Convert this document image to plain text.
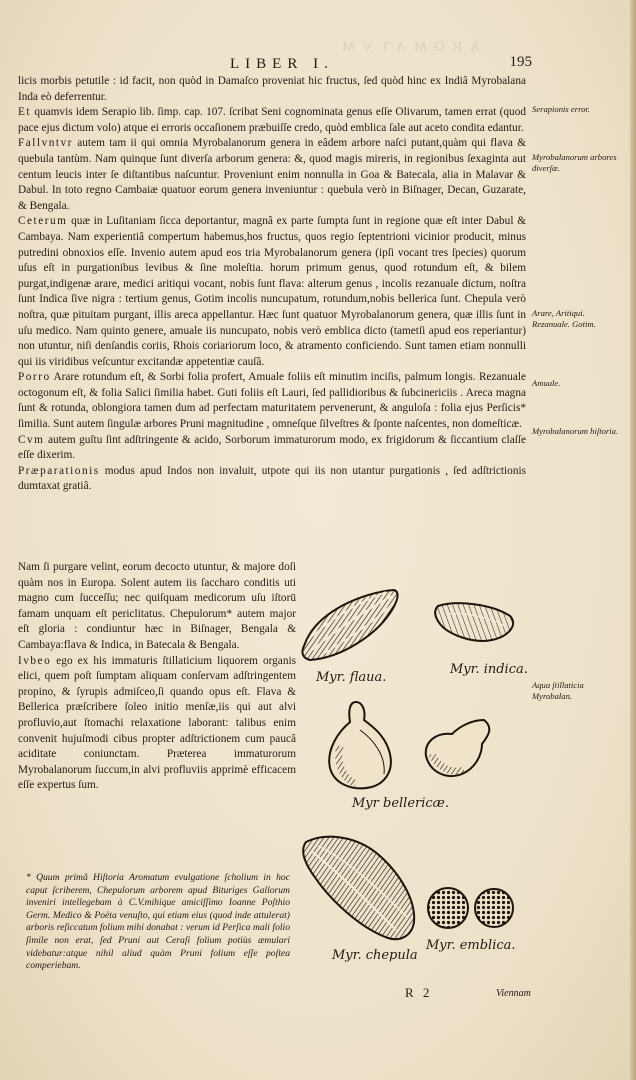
AROMATVM
LIBER I.	195

licis morbis petutile : id facit, non quòd in Damaſco proveniat hic fructus, ſed quòd hinc ex Indiâ Myrobalana Inda eò deferrentur.

Et quamvis idem Serapio lib. ſimp. cap. 107. ſcribat Seni cognominata genus eſſe Olivarum, tamen errat (quod pace ejus dictum volo) atque ei erroris occaſionem præbuiſſe credo, quòd emblica ſale aut aceto condita edantur.

Fallvntvr autem tam ii qui omnia Myrobalanorum genera in eâdem arbore naſci putant,quàm qui flava & quebula tantùm. Nam quinque ſunt diverſa arborum genera: &, quod magis mireris, in regionibus ſexaginta aut centum leucis inter ſe diſtantibus naſcuntur. Proveniunt enim nonnulla in Goa & Batecala, alia in Malavar & Dabul. In toto regno Cambaiæ quatuor eorum genera inveniuntur : quebula verò in Biſnager, Decan, Guzarate, & Bengala.

Ceterum quæ in Luſitaniam ſicca deportantur, magnâ ex parte ſumpta ſunt in regione quæ eſt inter Dabul & Cambaya. Nam experientiâ compertum habemus,hos fructus, quos regio ſeptentrioni vicinior producit, minus putredini obnoxios eſſe. Invenio autem apud eos tria Myrobalanorum genera (ipſi vocant tres ſpecies) quorum uſus eſt in purgationibus levibus & ſine moleſtia. horum primum genus, quod rotundum eſt, & bilem purgat,indigenæ arare, medici aritiqui vocant, nobis ſunt flava: alterum genus , incolis rezanuale dictum, noſtra ſunt Indica ſive nigra : tertium genus, Gotim incolis nuncupatum, rotundum,nobis bellerica ſunt. Chepula verò noſtra, quæ pituitam purgant, illis areca appellantur. Hæc ſunt quatuor Myrobalanorum genera, quæ illis ſunt in uſu medico. Nam quinto genere, amuale iis nuncupato, nobis verò emblica dicto (tametſi apud eos reperiantur) non utuntur, niſi denſandis coriis, Rhois coriariorum loco, & atramento conficiendo. Sunt tamen etiam nonnulli qui iis viridibus veſcuntur excitandæ appetentiæ cauſâ.

Porro Arare rotundum eſt, & Sorbi folia profert, Amuale foliis eſt minutim inciſis, palmum longis. Rezanuale octogonum eſt, & folia Salici ſimilia habet. Guti foliis eſt Lauri, ſed pallidioribus & ſubcinericiis . Areca magna ſunt & rotunda, oblongiora tamen dum ad perfectam maturitatem pervenerunt, & anguloſa : folia ejus Perſicis* ſimilia. Sunt autem ſingulæ arbores Pruni magnitudine , omneſque ſilveſtres & ſponte naſcentes, non domeſticæ.

Cvm autem guſtu ſint adſtringente & acido, Sorborum immaturorum modo, ex frigidorum & ſiccantium claſſe eſſe dixerim.

Præparationis modus apud Indos non invaluit, utpote qui iis non utantur purgationis , ſed adſtrictionis dumtaxat gratiâ.

Nam ſi purgare velint, eorum decocto utuntur, & majore doſi quàm nos in Europa. Solent autem iis ſaccharo conditis uti magno cum ſucceſſu; nec quiſquam medicorum uſu iſtorū famam unquam eſt periclitatus. Chepulorum* autem major eſt gloria : condiuntur hæc in Biſnager, Bengala & Cambaya:flava & Indica, in Batecala & Bengala.

Ivbeo ego ex his immaturis ſtillaticium liquorem organis elici, quem poſt ſumptam aliquam conſervam adſtringentem propino, & ſyrupis admiſceo,ſi quando opus eſt. Flava & Bellerica præſcribere ſoleo initio menſæ,iis qui aut alvi profluvio,aut ſtomachi relaxatione laborant: talibus enim convenit hujuſmodi cibus propter adſtrictionem cum paucâ aciditate coniunctam. Præterea immaturorum Myrobalanorum ſuccum,in alvi profluviis apprimè efficacem eſſe expertus ſum.

* Quum primâ Hiſtoria Aromatum evulgatione ſcholium in hoc caput ſcriberem, Chepulorum arborem apud Bituriges Gallorum inveniri intellegebam à C.V.mihique amiciſſimo Ioanne Poſthio Germ. Medico & Poëta venuſto, qui etiam eius (quod inde attulerat) arboris reſiccatum folium mihi donabat : verum id Perſica mali folio ſimile non erat, ſed Pruni aut Ceraſi folium potiùs æmulari videbatur:atque nihil aliud quàm Pruni folium eſſe poſtea comperiebam.
Serapionis error.
Myrobalanorum arbores diverſæ.
Arare, Aritiqui. Rezanuale. Gotim.
Amuale.
Myrobalanorum hiſtoria.
Aqua ſtillaticia Myrobalan.
Myr. flaua.
Myr. indica.
Myr bellericæ.
Myr. chepula
Myr. emblica.
R 2	Viennam
